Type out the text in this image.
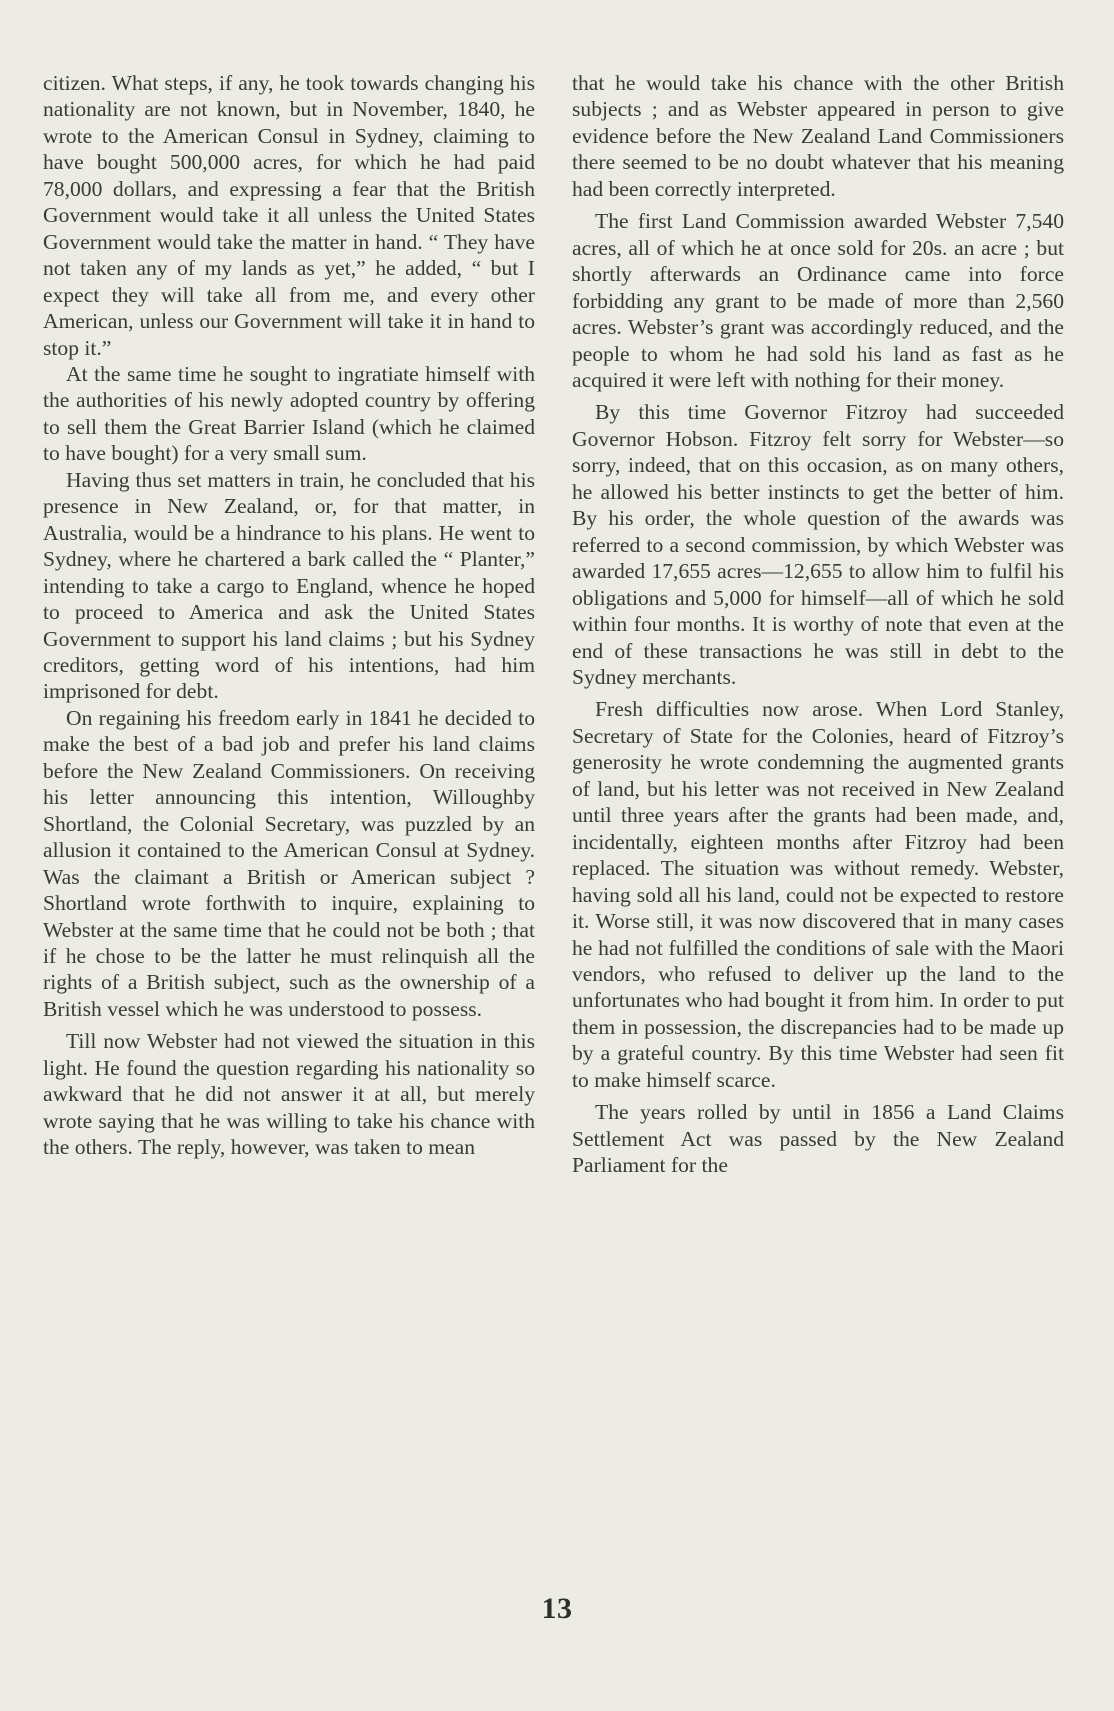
citizen. What steps, if any, he took towards changing his nationality are not known, but in November, 1840, he wrote to the American Consul in Sydney, claiming to have bought 500,000 acres, for which he had paid 78,000 dollars, and expressing a fear that the British Government would take it all unless the United States Government would take the matter in hand. “ They have not taken any of my lands as yet,” he added, “ but I expect they will take all from me, and every other American, unless our Government will take it in hand to stop it.”

At the same time he sought to ingratiate himself with the authorities of his newly adopted country by offering to sell them the Great Barrier Island (which he claimed to have bought) for a very small sum.

Having thus set matters in train, he concluded that his presence in New Zealand, or, for that matter, in Australia, would be a hindrance to his plans. He went to Sydney, where he chartered a bark called the “ Planter,” intending to take a cargo to England, whence he hoped to proceed to America and ask the United States Government to support his land claims ; but his Sydney creditors, getting word of his intentions, had him imprisoned for debt.

On regaining his freedom early in 1841 he decided to make the best of a bad job and prefer his land claims before the New Zealand Commissioners. On receiving his letter announcing this intention, Willoughby Shortland, the Colonial Secretary, was puzzled by an allusion it contained to the American Consul at Sydney. Was the claimant a British or American subject ? Shortland wrote forthwith to inquire, explaining to Webster at the same time that he could not be both ; that if he chose to be the latter he must relinquish all the rights of a British subject, such as the ownership of a British vessel which he was understood to possess.

Till now Webster had not viewed the situation in this light. He found the question regarding his nationality so awkward that he did not answer it at all, but merely wrote saying that he was willing to take his chance with the others. The reply, however, was taken to mean

that he would take his chance with the other British subjects ; and as Webster appeared in person to give evidence before the New Zealand Land Commissioners there seemed to be no doubt whatever that his meaning had been correctly interpreted.

The first Land Commission awarded Webster 7,540 acres, all of which he at once sold for 20s. an acre ; but shortly afterwards an Ordinance came into force forbidding any grant to be made of more than 2,560 acres. Webster’s grant was accordingly reduced, and the people to whom he had sold his land as fast as he acquired it were left with nothing for their money.

By this time Governor Fitzroy had succeeded Governor Hobson. Fitzroy felt sorry for Webster—so sorry, indeed, that on this occasion, as on many others, he allowed his better instincts to get the better of him. By his order, the whole question of the awards was referred to a second commission, by which Webster was awarded 17,655 acres—12,655 to allow him to fulfil his obligations and 5,000 for himself—all of which he sold within four months. It is worthy of note that even at the end of these transactions he was still in debt to the Sydney merchants.

Fresh difficulties now arose. When Lord Stanley, Secretary of State for the Colonies, heard of Fitzroy’s generosity he wrote condemning the augmented grants of land, but his letter was not received in New Zealand until three years after the grants had been made, and, incidentally, eighteen months after Fitzroy had been replaced. The situation was without remedy. Webster, having sold all his land, could not be expected to restore it. Worse still, it was now discovered that in many cases he had not fulfilled the conditions of sale with the Maori vendors, who refused to deliver up the land to the unfortunates who had bought it from him. In order to put them in possession, the discrepancies had to be made up by a grateful country. By this time Webster had seen fit to make himself scarce.

The years rolled by until in 1856 a Land Claims Settlement Act was passed by the New Zealand Parliament for the

13
